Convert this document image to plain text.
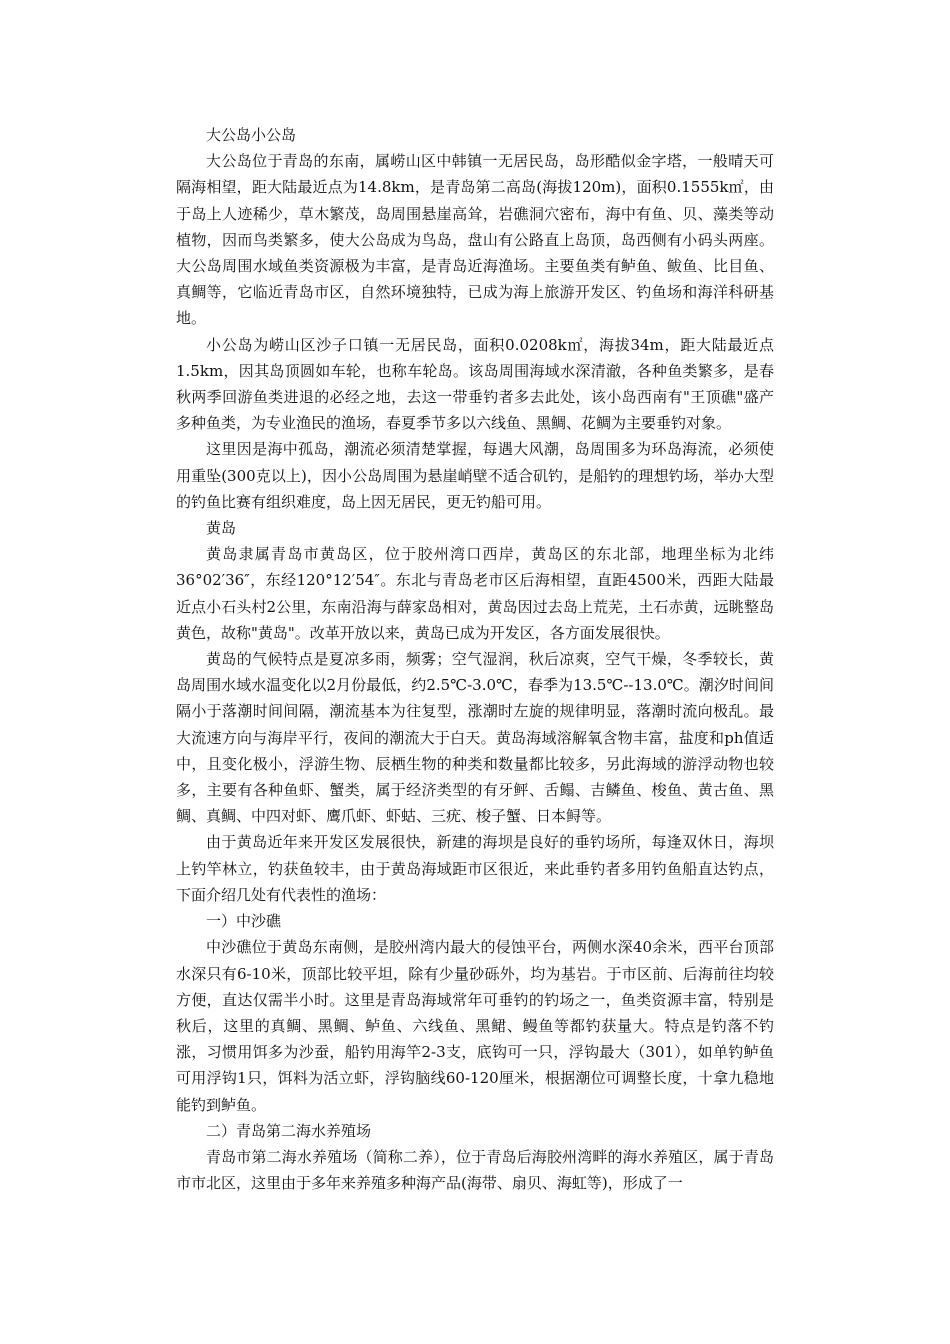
大公岛小公岛

大公岛位于青岛的东南，属崂山区中韩镇一无居民岛，岛形酷似金字塔，一般晴天可隔海相望，距大陆最近点为14.8km，是青岛第二高岛(海拔120m)，面积0.1555k㎡，由于岛上人迹稀少，草木繁茂，岛周围悬崖高耸，岩礁洞穴密布，海中有鱼、贝、藻类等动植物，因而鸟类繁多，使大公岛成为鸟岛，盘山有公路直上岛顶，岛西侧有小码头两座。大公岛周围水域鱼类资源极为丰富，是青岛近海渔场。主要鱼类有鲈鱼、鲅鱼、比目鱼、真鲷等，它临近青岛市区，自然环境独特，已成为海上旅游开发区、钓鱼场和海洋科研基地。

小公岛为崂山区沙子口镇一无居民岛，面积0.0208k㎡，海拔34m，距大陆最近点1.5km，因其岛顶圆如车轮，也称车轮岛。该岛周围海域水深清澈，各种鱼类繁多，是春秋两季回游鱼类进退的必经之地，去这一带垂钓者多去此处，该小岛西南有"王顶礁"盛产多种鱼类，为专业渔民的渔场，春夏季节多以六线鱼、黑鲷、花鲷为主要垂钓对象。

这里因是海中孤岛，潮流必须清楚掌握，每遇大风潮，岛周围多为环岛海流，必须使用重坠(300克以上)，因小公岛周围为悬崖峭壁不适合矶钓，是船钓的理想钓场，举办大型的钓鱼比赛有组织难度，岛上因无居民，更无钓船可用。

黄岛

黄岛隶属青岛市黄岛区，位于胶州湾口西岸，黄岛区的东北部，地理坐标为北纬36°02′36″，东经120°12′54″。东北与青岛老市区后海相望，直距4500米，西距大陆最近点小石头村2公里，东南沿海与薛家岛相对，黄岛因过去岛上荒芜，土石赤黄，远眺整岛黄色，故称"黄岛"。改革开放以来，黄岛已成为开发区，各方面发展很快。

黄岛的气候特点是夏凉多雨，频雾；空气湿润，秋后凉爽，空气干燥，冬季较长，黄岛周围水域水温变化以2月份最低，约2.5℃-3.0℃，春季为13.5℃--13.0℃。潮汐时间间隔小于落潮时间间隔，潮流基本为往复型，涨潮时左旋的规律明显，落潮时流向极乱。最大流速方向与海岸平行，夜间的潮流大于白天。黄岛海域溶解氧含物丰富，盐度和ph值适中，且变化极小，浮游生物、辰栖生物的种类和数量都比较多，另此海域的游浮动物也较多，主要有各种鱼虾、蟹类，属于经济类型的有牙鲆、舌鳎、吉鳞鱼、梭鱼、黄古鱼、黑鲷、真鲷、中四对虾、鹰爪虾、虾蛄、三疣、梭子蟹、日本鲟等。

由于黄岛近年来开发区发展很快，新建的海坝是良好的垂钓场所，每逢双休日，海坝上钓竿林立，钓获鱼较丰，由于黄岛海域距市区很近，来此垂钓者多用钓鱼船直达钓点，下面介绍几处有代表性的渔场：

一）中沙礁

中沙礁位于黄岛东南侧，是胶州湾内最大的侵蚀平台，两侧水深40余米，西平台顶部水深只有6-10米，顶部比较平坦，除有少量砂砾外，均为基岩。于市区前、后海前往均较方便，直达仅需半小时。这里是青岛海域常年可垂钓的钓场之一，鱼类资源丰富，特别是秋后，这里的真鲷、黑鲷、鲈鱼、六线鱼、黑鲪、鳗鱼等都钓获量大。特点是钓落不钓涨，习惯用饵多为沙蚕，船钓用海竿2-3支，底钩可一只，浮钩最大（301），如单钓鲈鱼可用浮钩1只，饵料为活立虾，浮钩脑线60-120厘米，根据潮位可调整长度，十拿九稳地能钓到鲈鱼。

二）青岛第二海水养殖场

青岛市第二海水养殖场（简称二养），位于青岛后海胶州湾畔的海水养殖区，属于青岛市市北区，这里由于多年来养殖多种海产品(海带、扇贝、海虹等)，形成了一
